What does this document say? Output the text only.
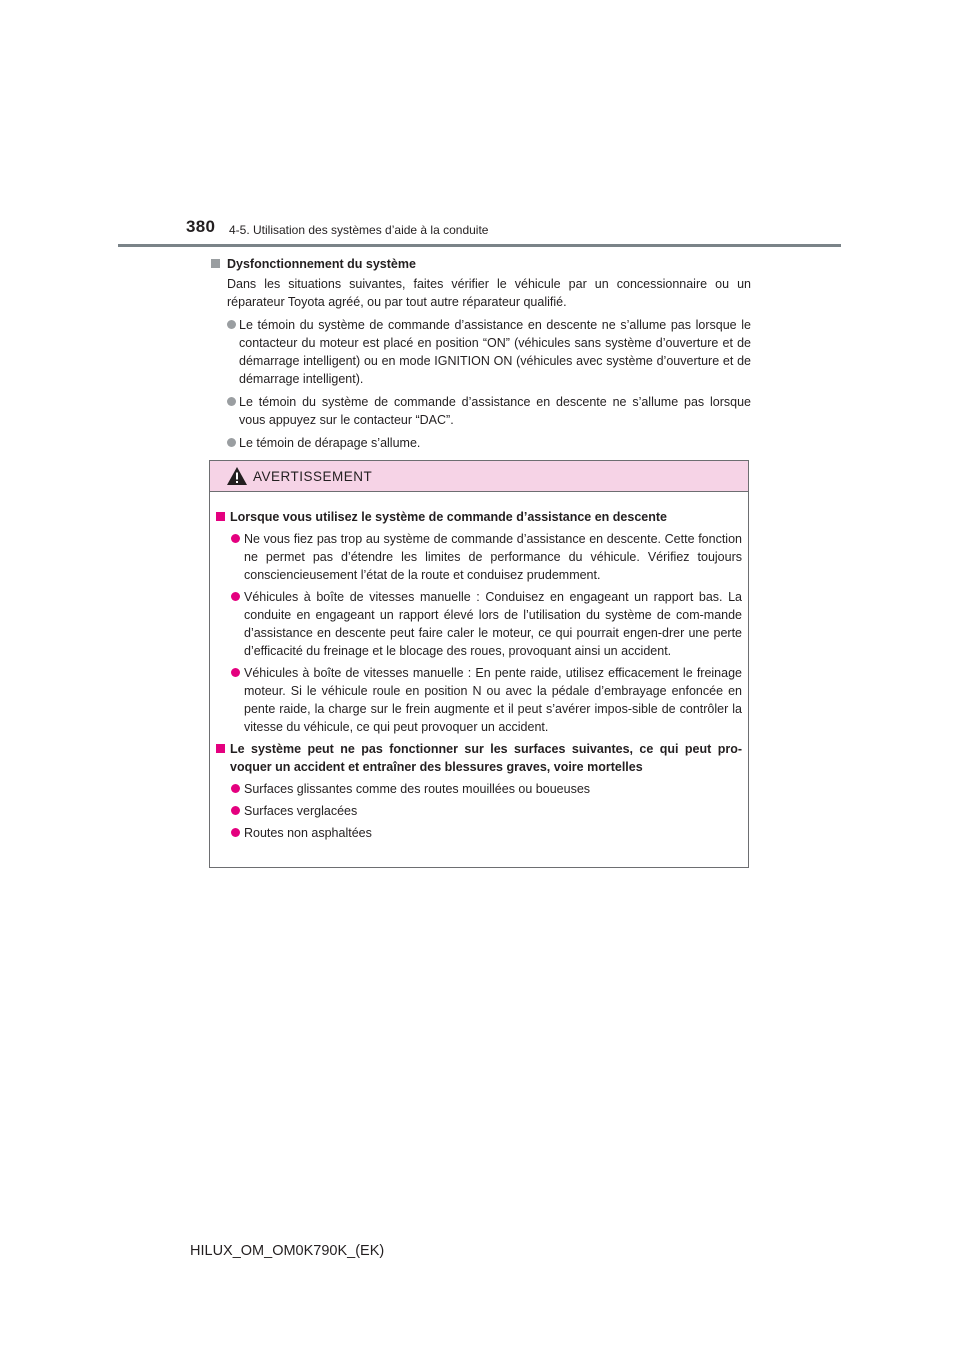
380 4-5. Utilisation des systèmes d’aide à la conduite
Dysfonctionnement du système
Dans les situations suivantes, faites vérifier le véhicule par un concessionnaire ou un réparateur Toyota agréé, ou par tout autre réparateur qualifié.
Le témoin du système de commande d’assistance en descente ne s’allume pas lorsque le contacteur du moteur est placé en position “ON” (véhicules sans système d’ouverture et de démarrage intelligent) ou en mode IGNITION ON (véhicules avec système d’ouverture et de démarrage intelligent).
Le témoin du système de commande d’assistance en descente ne s’allume pas lorsque vous appuyez sur le contacteur “DAC”.
Le témoin de dérapage s’allume.
AVERTISSEMENT
Lorsque vous utilisez le système de commande d’assistance en descente
Ne vous fiez pas trop au système de commande d’assistance en descente. Cette fonction ne permet pas d’étendre les limites de performance du véhicule. Vérifiez toujours consciencieusement l’état de la route et conduisez prudemment.
Véhicules à boîte de vitesses manuelle : Conduisez en engageant un rapport bas. La conduite en engageant un rapport élevé lors de l’utilisation du système de com-mande d’assistance en descente peut faire caler le moteur, ce qui pourrait engen-drer une perte d’efficacité du freinage et le blocage des roues, provoquant ainsi un accident.
Véhicules à boîte de vitesses manuelle : En pente raide, utilisez efficacement le freinage moteur. Si le véhicule roule en position N ou avec la pédale d’embrayage enfoncée en pente raide, la charge sur le frein augmente et il peut s’avérer impos-sible de contrôler la vitesse du véhicule, ce qui peut provoquer un accident.
Le système peut ne pas fonctionner sur les surfaces suivantes, ce qui peut pro-voquer un accident et entraîner des blessures graves, voire mortelles
Surfaces glissantes comme des routes mouillées ou boueuses
Surfaces verglacées
Routes non asphaltées
HILUX_OM_OM0K790K_(EK)
